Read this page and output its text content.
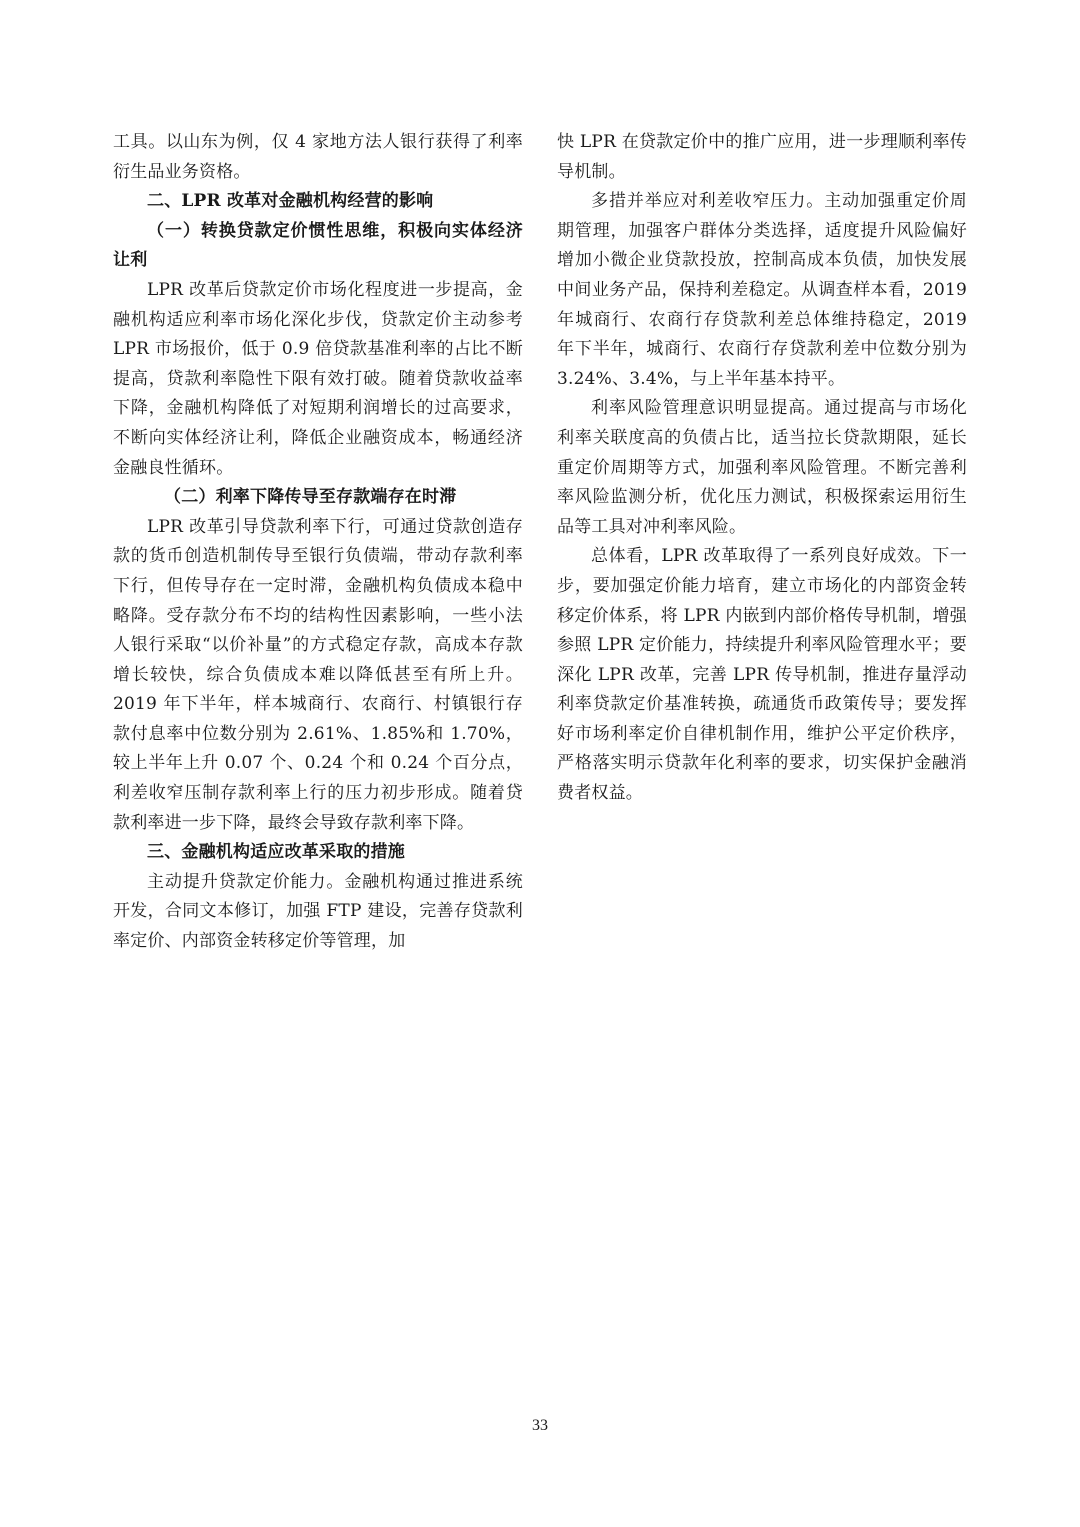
工具。以山东为例，仅 4 家地方法人银行获得了利率衍生品业务资格。

二、LPR 改革对金融机构经营的影响
（一）转换贷款定价惯性思维，积极向实体经济让利

LPR 改革后贷款定价市场化程度进一步提高，金融机构适应利率市场化深化步伐，贷款定价主动参考 LPR 市场报价，低于 0.9 倍贷款基准利率的占比不断提高，贷款利率隐性下限有效打破。随着贷款收益率下降，金融机构降低了对短期利润增长的过高要求，不断向实体经济让利，降低企业融资成本，畅通经济金融良性循环。

（二）利率下降传导至存款端存在时滞

LPR 改革引导贷款利率下行，可通过贷款创造存款的货币创造机制传导至银行负债端，带动存款利率下行，但传导存在一定时滞，金融机构负债成本稳中略降。受存款分布不均的结构性因素影响，一些小法人银行采取“以价补量”的方式稳定存款，高成本存款增长较快，综合负债成本难以降低甚至有所上升。2019 年下半年，样本城商行、农商行、村镇银行存款付息率中位数分别为 2.61%、1.85%和 1.70%，较上半年上升 0.07 个、0.24 个和 0.24 个百分点，利差收窄压制存款利率上行的压力初步形成。随着贷款利率进一步下降，最终会导致存款利率下降。

三、金融机构适应改革采取的措施

主动提升贷款定价能力。金融机构通过推进系统开发，合同文本修订，加强 FTP 建设，完善存贷款利率定价、内部资金转移定价等管理，加

快 LPR 在贷款定价中的推广应用，进一步理顺利率传导机制。

多措并举应对利差收窄压力。主动加强重定价周期管理，加强客户群体分类选择，适度提升风险偏好增加小微企业贷款投放，控制高成本负债，加快发展中间业务产品，保持利差稳定。从调查样本看，2019 年城商行、农商行存贷款利差总体维持稳定，2019 年下半年，城商行、农商行存贷款利差中位数分别为 3.24%、3.4%，与上半年基本持平。

利率风险管理意识明显提高。通过提高与市场化利率关联度高的负债占比，适当拉长贷款期限，延长重定价周期等方式，加强利率风险管理。不断完善利率风险监测分析，优化压力测试，积极探索运用衍生品等工具对冲利率风险。

总体看，LPR 改革取得了一系列良好成效。下一步，要加强定价能力培育，建立市场化的内部资金转移定价体系，将 LPR 内嵌到内部价格传导机制，增强参照 LPR 定价能力，持续提升利率风险管理水平；要深化 LPR 改革，完善 LPR 传导机制，推进存量浮动利率贷款定价基准转换，疏通货币政策传导；要发挥好市场利率定价自律机制作用，维护公平定价秩序，严格落实明示贷款年化利率的要求，切实保护金融消费者权益。

33
